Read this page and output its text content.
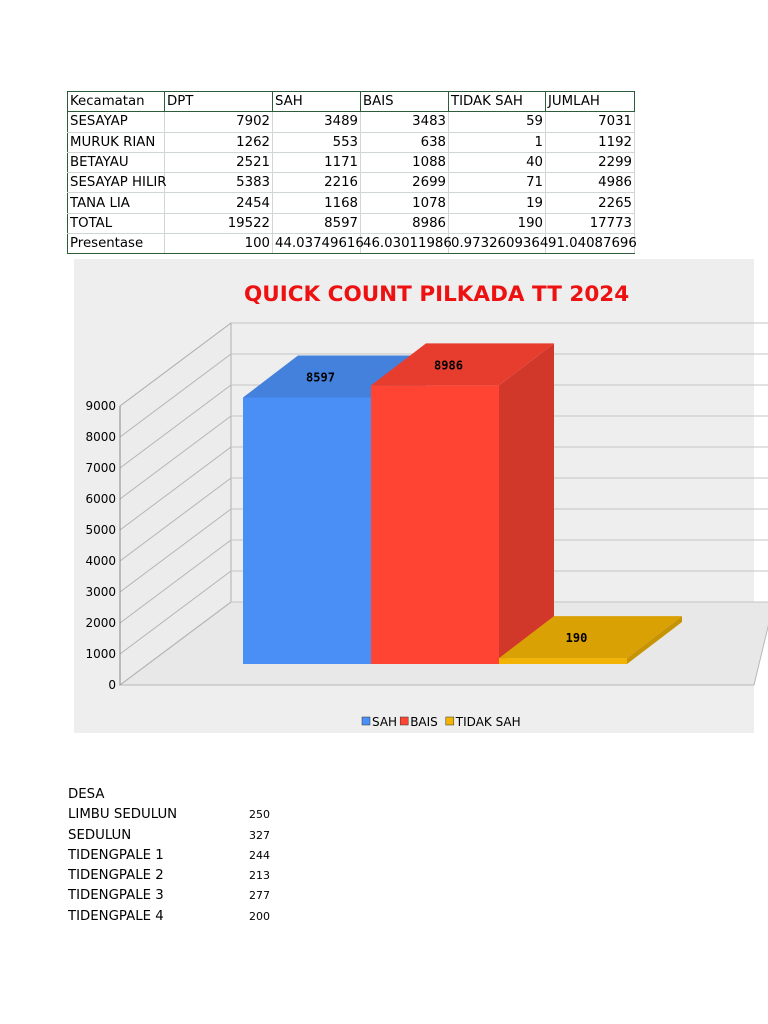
Kecamatan	DPT	SAH	BAIS	TIDAK SAH	JUMLAH
SESAYAP	7902	3489	3483	59	7031
MURUK RIAN	1262	553	638	1	1192
BETAYAU	2521	1171	1088	40	2299
SESAYAP HILIR	5383	2216	2699	71	4986
TANA LIA	2454	1168	1078	19	2265
TOTAL	19522	8597	8986	190	17773
Presentase	100	44.03749616	46.03011986	0.9732609364	91.04087696
0
1000
2000
3000
4000
5000
6000
7000
8000
9000
8597
8986
190
QUICK COUNT PILKADA TT 2024
SAH BAIS TIDAK SAH
DESA
LIMBU SEDULUN	250
SEDULUN	327
TIDENGPALE 1	244
TIDENGPALE 2	213
TIDENGPALE 3	277
TIDENGPALE 4	200
